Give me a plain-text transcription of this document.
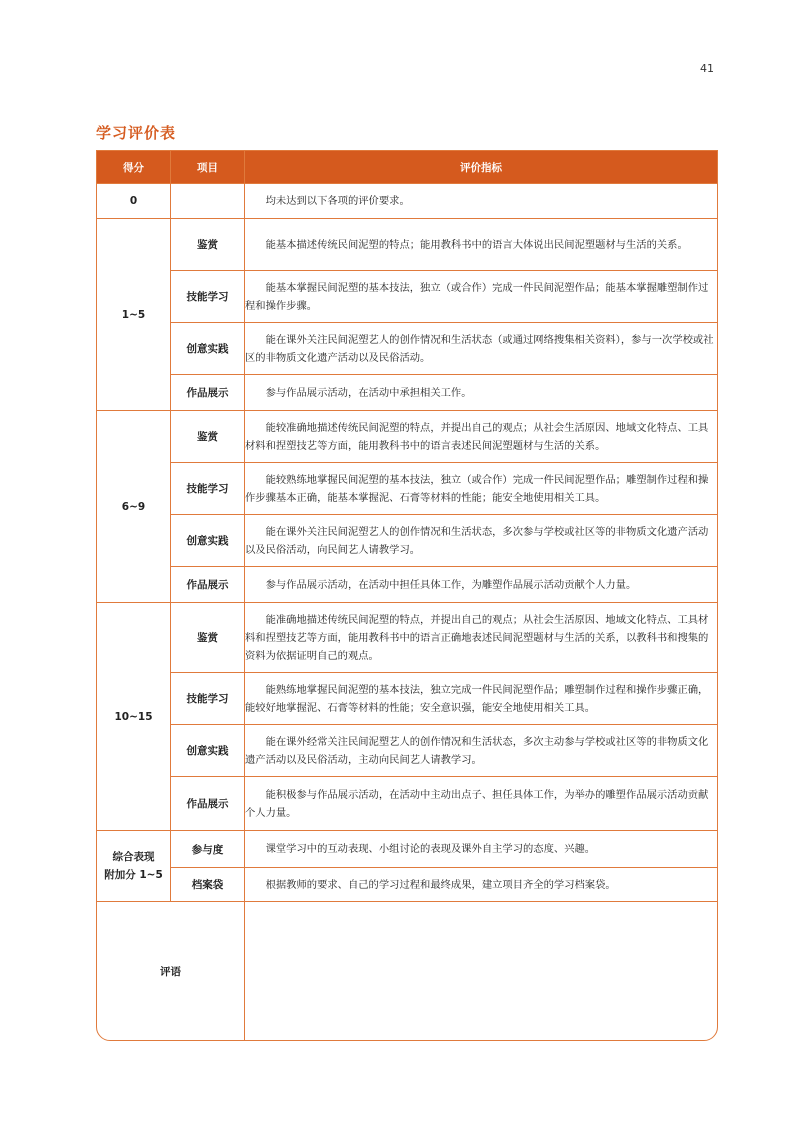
41
学习评价表
得分	项目	评价指标
0		均未达到以下各项的评价要求。
1~5	鉴赏	能基本描述传统民间泥塑的特点；能用教科书中的语言大体说出民间泥塑题材与生活的关系。
	技能学习	能基本掌握民间泥塑的基本技法，独立（或合作）完成一件民间泥塑作品；能基本掌握雕塑制作过程和操作步骤。
	创意实践	能在课外关注民间泥塑艺人的创作情况和生活状态（或通过网络搜集相关资料），参与一次学校或社区的非物质文化遗产活动以及民俗活动。
	作品展示	参与作品展示活动，在活动中承担相关工作。
6~9	鉴赏	能较准确地描述传统民间泥塑的特点，并提出自己的观点；从社会生活原因、地域文化特点、工具材料和捏塑技艺等方面，能用教科书中的语言表述民间泥塑题材与生活的关系。
	技能学习	能较熟练地掌握民间泥塑的基本技法，独立（或合作）完成一件民间泥塑作品；雕塑制作过程和操作步骤基本正确，能基本掌握泥、石膏等材料的性能；能安全地使用相关工具。
	创意实践	能在课外关注民间泥塑艺人的创作情况和生活状态，多次参与学校或社区等的非物质文化遗产活动以及民俗活动，向民间艺人请教学习。
	作品展示	参与作品展示活动，在活动中担任具体工作，为雕塑作品展示活动贡献个人力量。
10~15	鉴赏	能准确地描述传统民间泥塑的特点，并提出自己的观点；从社会生活原因、地域文化特点、工具材料和捏塑技艺等方面，能用教科书中的语言正确地表述民间泥塑题材与生活的关系，以教科书和搜集的资料为依据证明自己的观点。
	技能学习	能熟练地掌握民间泥塑的基本技法，独立完成一件民间泥塑作品；雕塑制作过程和操作步骤正确，能较好地掌握泥、石膏等材料的性能；安全意识强，能安全地使用相关工具。
	创意实践	能在课外经常关注民间泥塑艺人的创作情况和生活状态，多次主动参与学校或社区等的非物质文化遗产活动以及民俗活动，主动向民间艺人请教学习。
	作品展示	能积极参与作品展示活动，在活动中主动出点子、担任具体工作，为举办的雕塑作品展示活动贡献个人力量。
综合表现
附加分 1~5	参与度	课堂学习中的互动表现、小组讨论的表现及课外自主学习的态度、兴趣。
	档案袋	根据教师的要求、自己的学习过程和最终成果，建立项目齐全的学习档案袋。
评语		
